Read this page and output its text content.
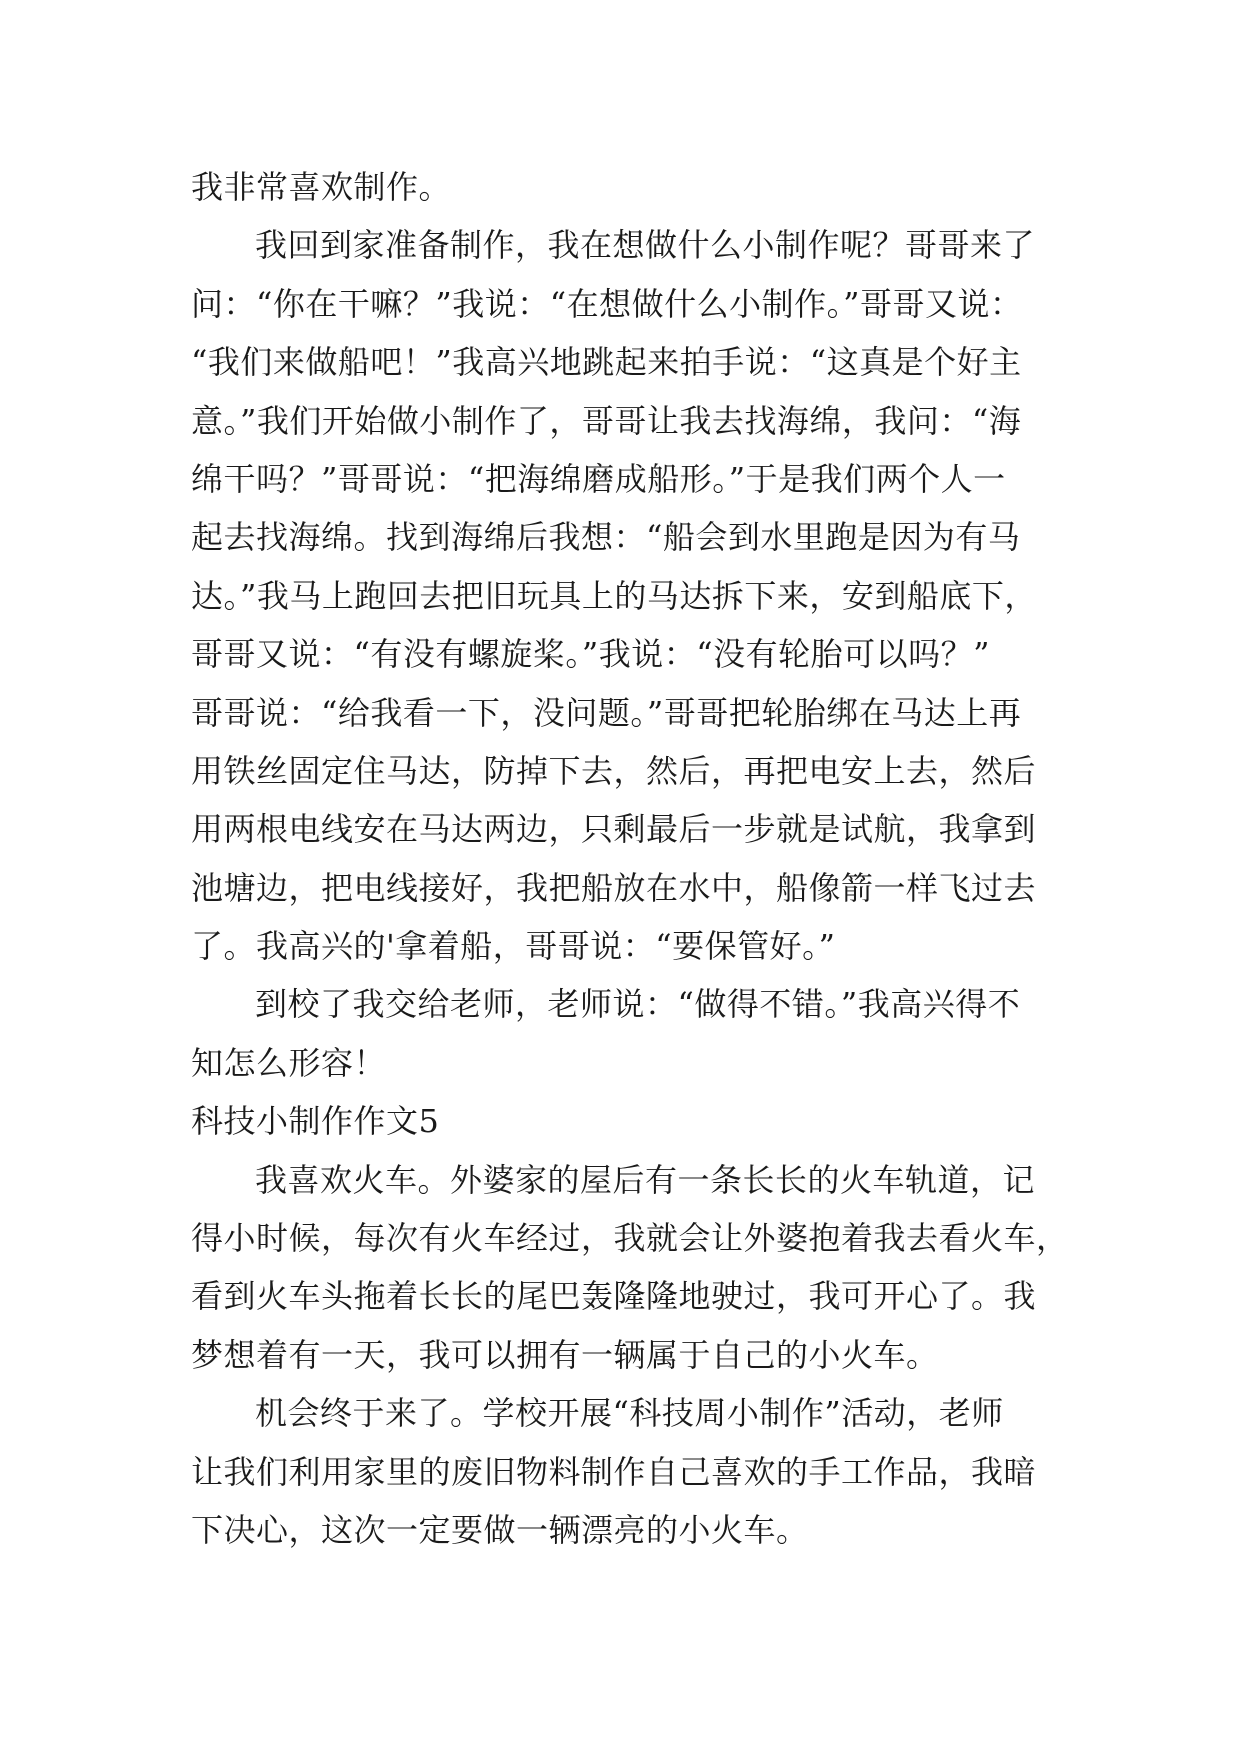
我非常喜欢制作。
我回到家准备制作，我在想做什么小制作呢？哥哥来了
问：“你在干嘛？”我说：“在想做什么小制作。”哥哥又说：
“我们来做船吧！”我高兴地跳起来拍手说：“这真是个好主
意。”我们开始做小制作了，哥哥让我去找海绵，我问：“海
绵干吗？”哥哥说：“把海绵磨成船形。”于是我们两个人一
起去找海绵。找到海绵后我想：“船会到水里跑是因为有马
达。”我马上跑回去把旧玩具上的马达拆下来，安到船底下，
哥哥又说：“有没有螺旋桨。”我说：“没有轮胎可以吗？”
哥哥说：“给我看一下，没问题。”哥哥把轮胎绑在马达上再
用铁丝固定住马达，防掉下去，然后，再把电安上去，然后
用两根电线安在马达两边，只剩最后一步就是试航，我拿到
池塘边，把电线接好，我把船放在水中，船像箭一样飞过去
了。我高兴的'拿着船，哥哥说：“要保管好。”
到校了我交给老师，老师说：“做得不错。”我高兴得不
知怎么形容！
科技小制作作文5
我喜欢火车。外婆家的屋后有一条长长的火车轨道，记
得小时候，每次有火车经过，我就会让外婆抱着我去看火车，
看到火车头拖着长长的尾巴轰隆隆地驶过，我可开心了。我
梦想着有一天，我可以拥有一辆属于自己的小火车。
机会终于来了。学校开展“科技周小制作”活动，老师
让我们利用家里的废旧物料制作自己喜欢的手工作品，我暗
下决心，这次一定要做一辆漂亮的小火车。
